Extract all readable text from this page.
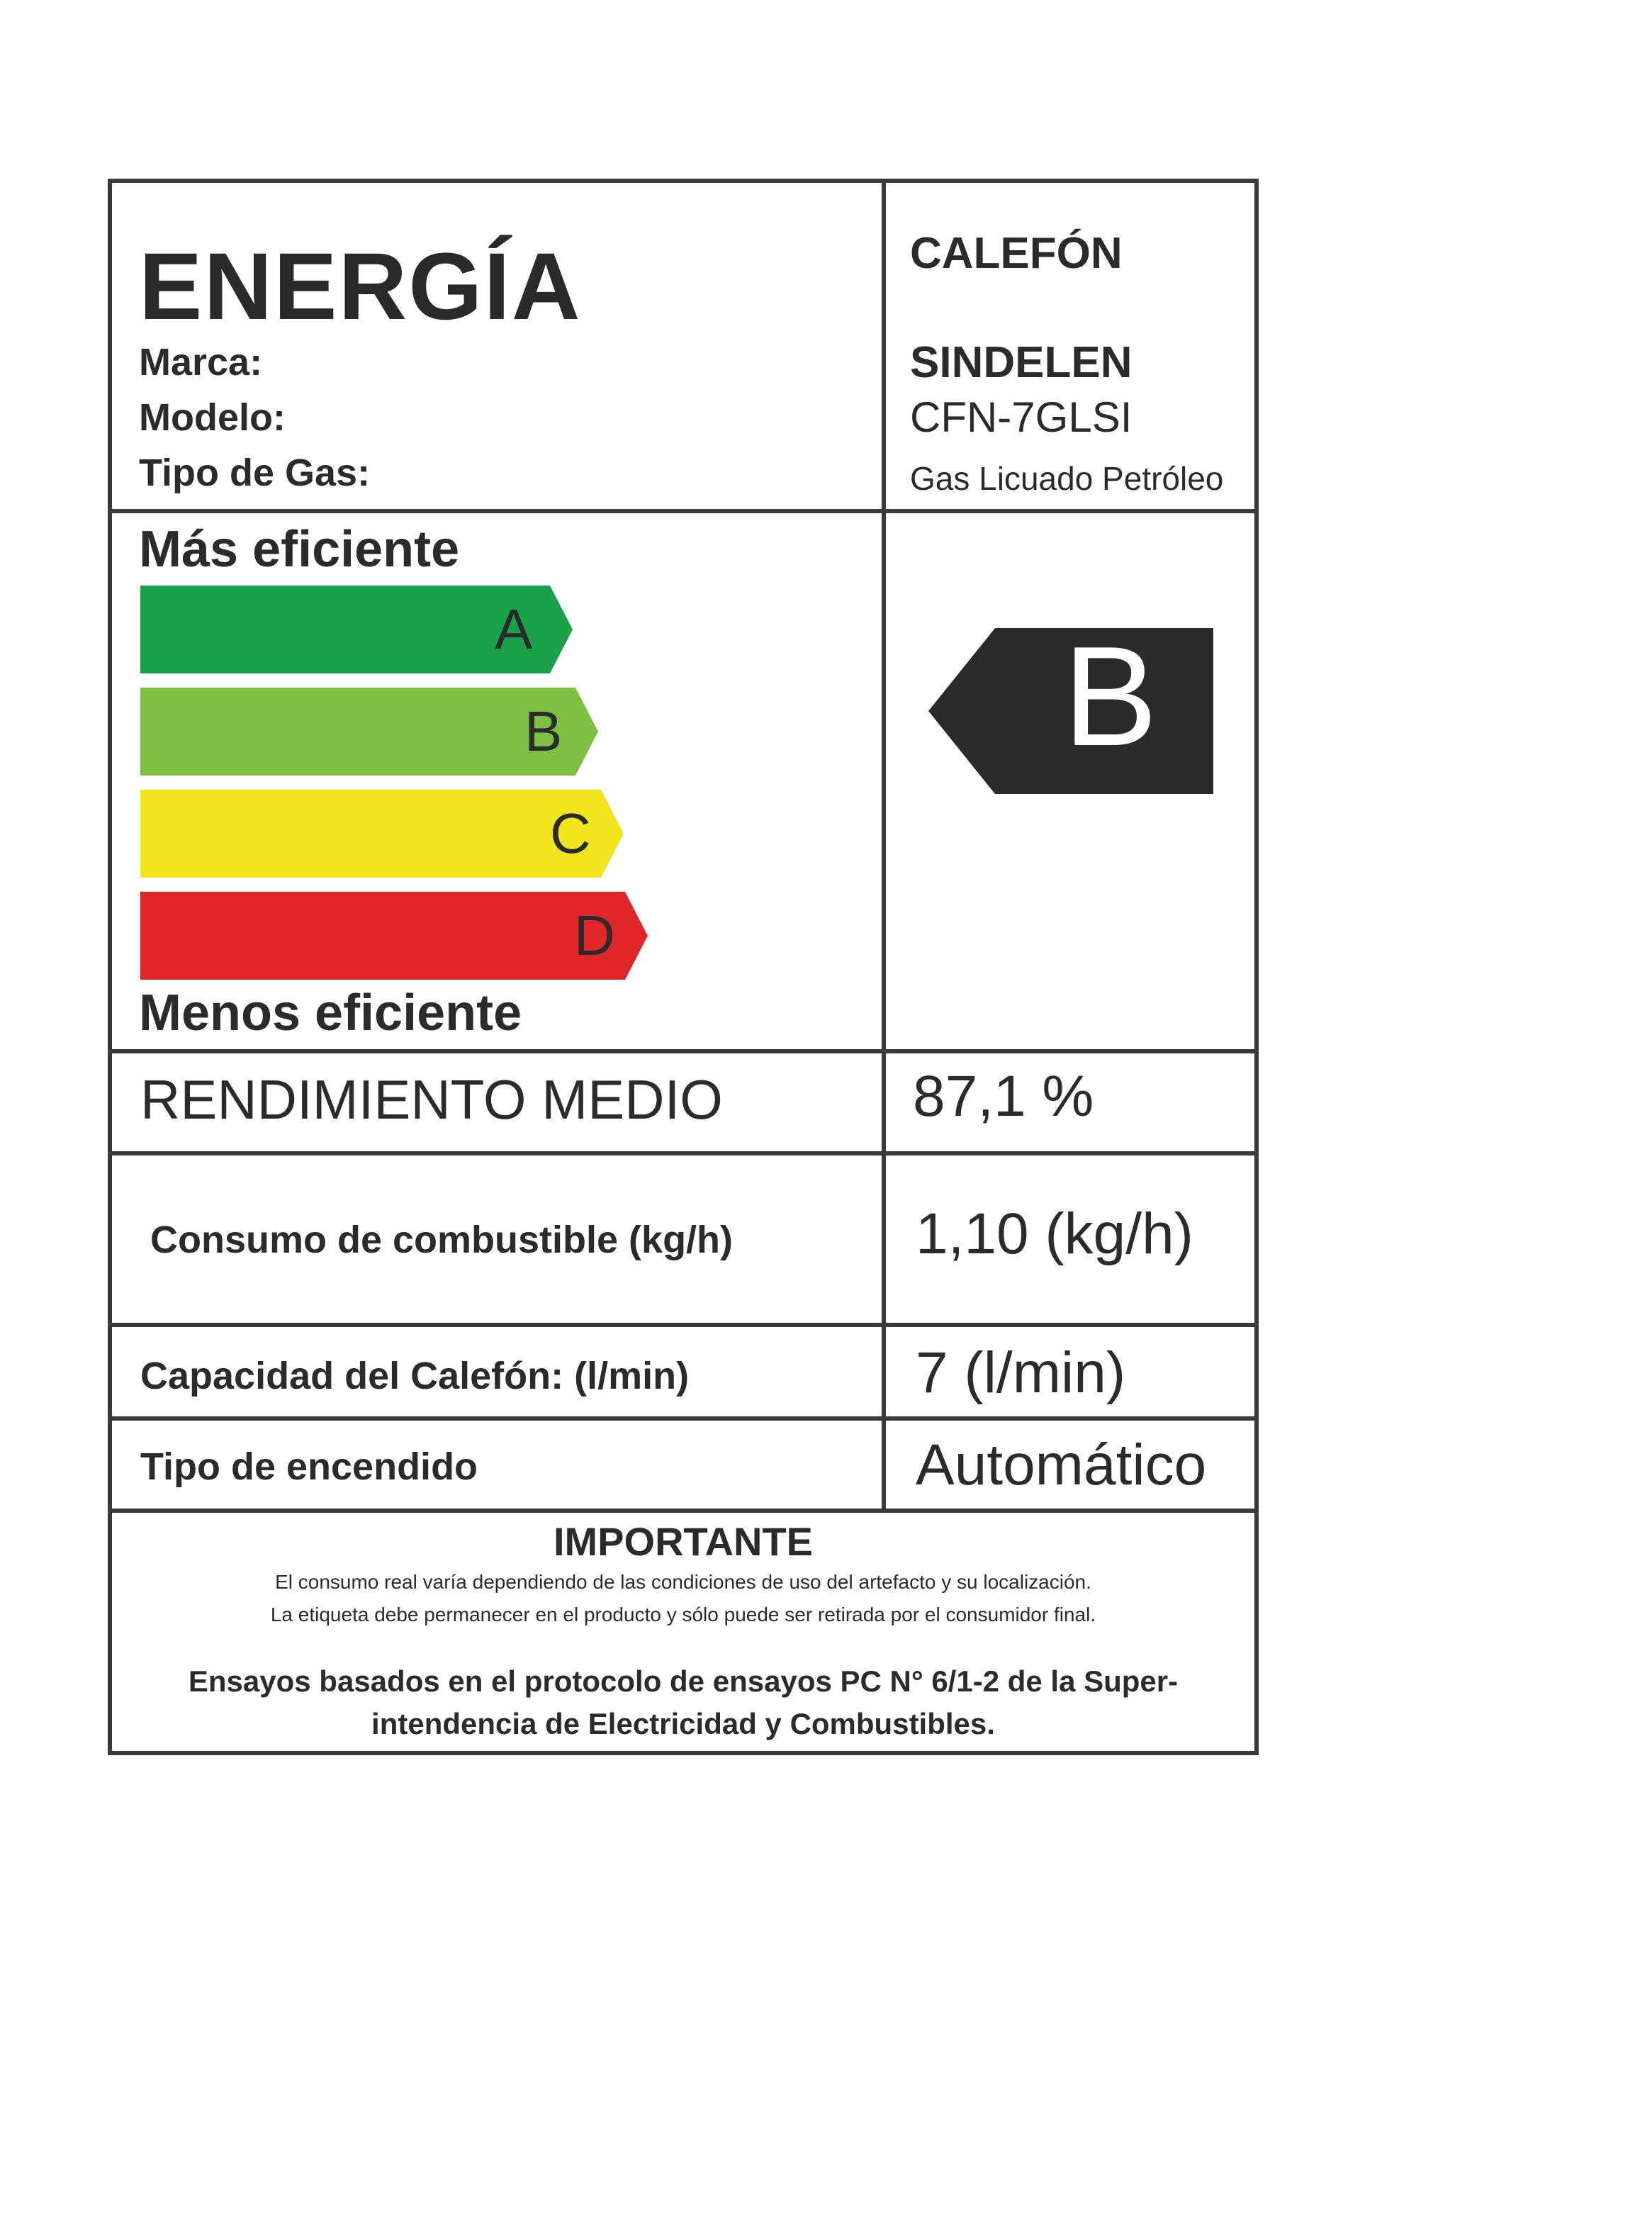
ENERGÍA
Marca:
Modelo:
Tipo de Gas:
CALEFÓN
SINDELEN
CFN-7GLSI
Gas Licuado Petróleo
Más eficiente
A
B
C
D
Menos eficiente
B
RENDIMIENTO MEDIO	87,1 %
Consumo de combustible (kg/h)	1,10 (kg/h)
Capacidad del Calefón: (l/min)	7 (l/min)
Tipo de encendido	Automático
IMPORTANTE
El consumo real varía dependiendo de las condiciones de uso del artefacto y su localización.
La etiqueta debe permanecer en el producto y sólo puede ser retirada por el consumidor final.
Ensayos basados en el protocolo de ensayos PC N° 6/1-2 de la Super-
intendencia de Electricidad y Combustibles.
